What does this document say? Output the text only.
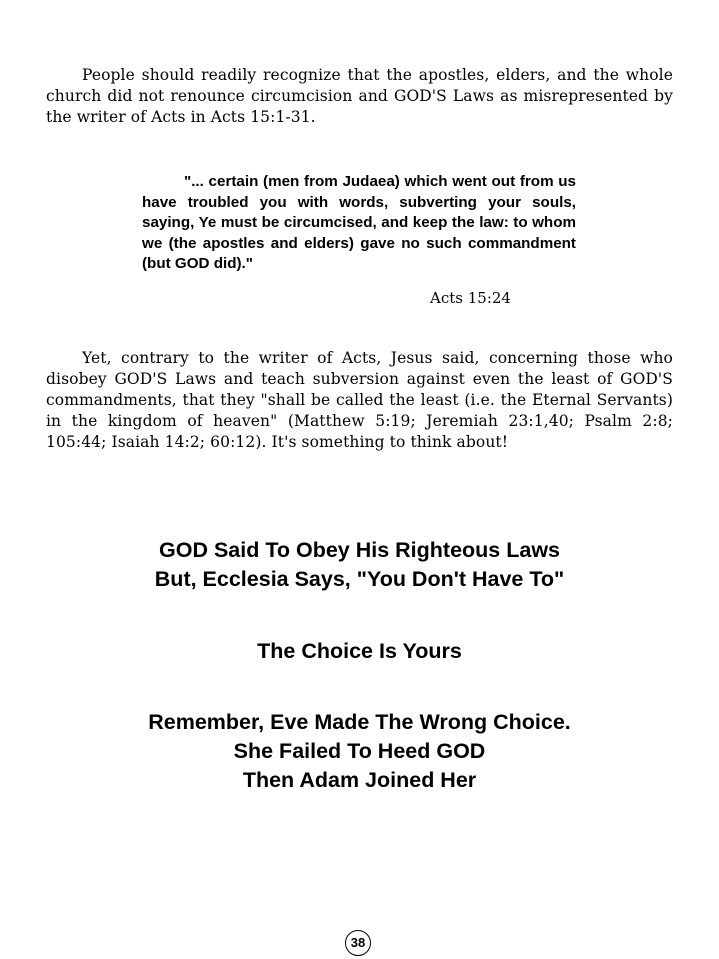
People should readily recognize that the apostles, elders, and the whole church did not renounce circumcision and GOD'S Laws as misrepresented by the writer of Acts in Acts 15:1-31.

"... certain (men from Judaea) which went out from us have troubled you with words, subverting your souls, saying, Ye must be circumcised, and keep the law: to whom we (the apostles and elders) gave no such commandment (but GOD did)."
Acts 15:24

Yet, contrary to the writer of Acts, Jesus said, concerning those who disobey GOD'S Laws and teach subversion against even the least of GOD'S commandments, that they "shall be called the least (i.e. the Eternal Servants) in the kingdom of heaven" (Matthew 5:19; Jeremiah 23:1,40; Psalm 2:8; 105:44; Isaiah 14:2; 60:12). It's something to think about!

GOD Said To Obey His Righteous Laws
But, Ecclesia Says, "You Don't Have To"
The Choice Is Yours
Remember, Eve Made The Wrong Choice.
She Failed To Heed GOD
Then Adam Joined Her
38
